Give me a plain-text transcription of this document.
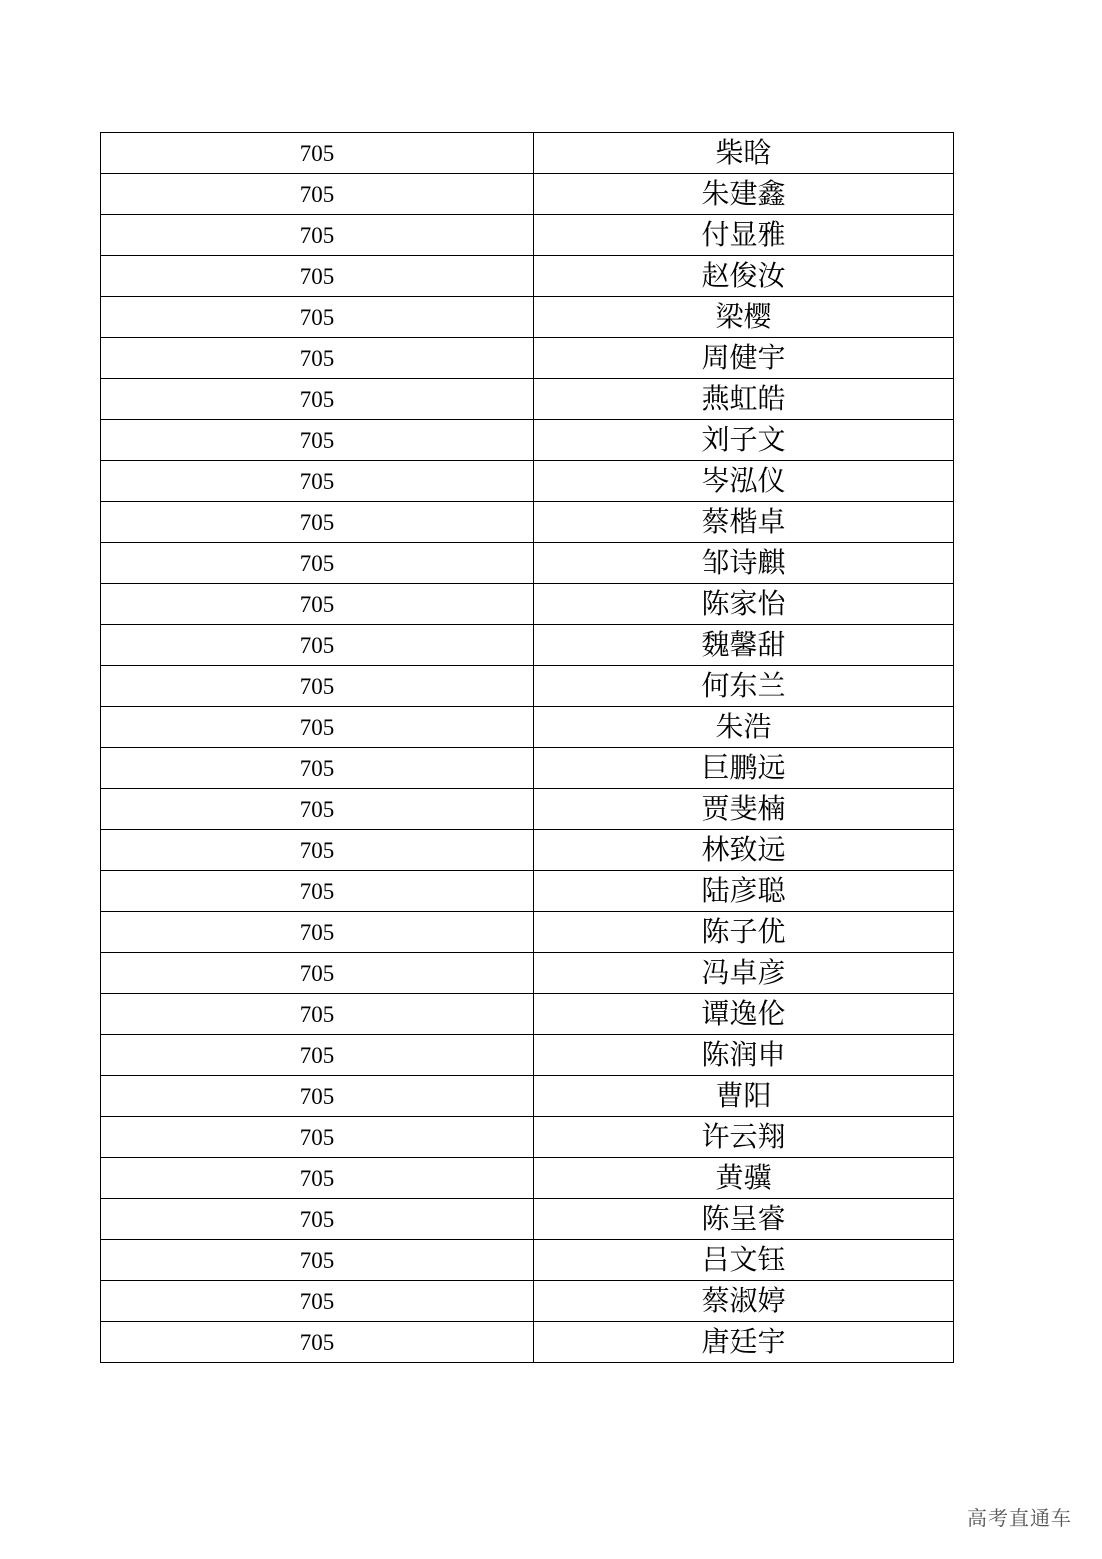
705	柴晗
705	朱建鑫
705	付显雅
705	赵俊汝
705	梁樱
705	周健宇
705	燕虹皓
705	刘子文
705	岑泓仪
705	蔡楷卓
705	邹诗麒
705	陈家怡
705	魏馨甜
705	何东兰
705	朱浩
705	巨鹏远
705	贾斐楠
705	林致远
705	陆彦聪
705	陈子优
705	冯卓彦
705	谭逸伦
705	陈润申
705	曹阳
705	许云翔
705	黄骥
705	陈呈睿
705	吕文钰
705	蔡淑婷
705	唐廷宇
高考直通车
